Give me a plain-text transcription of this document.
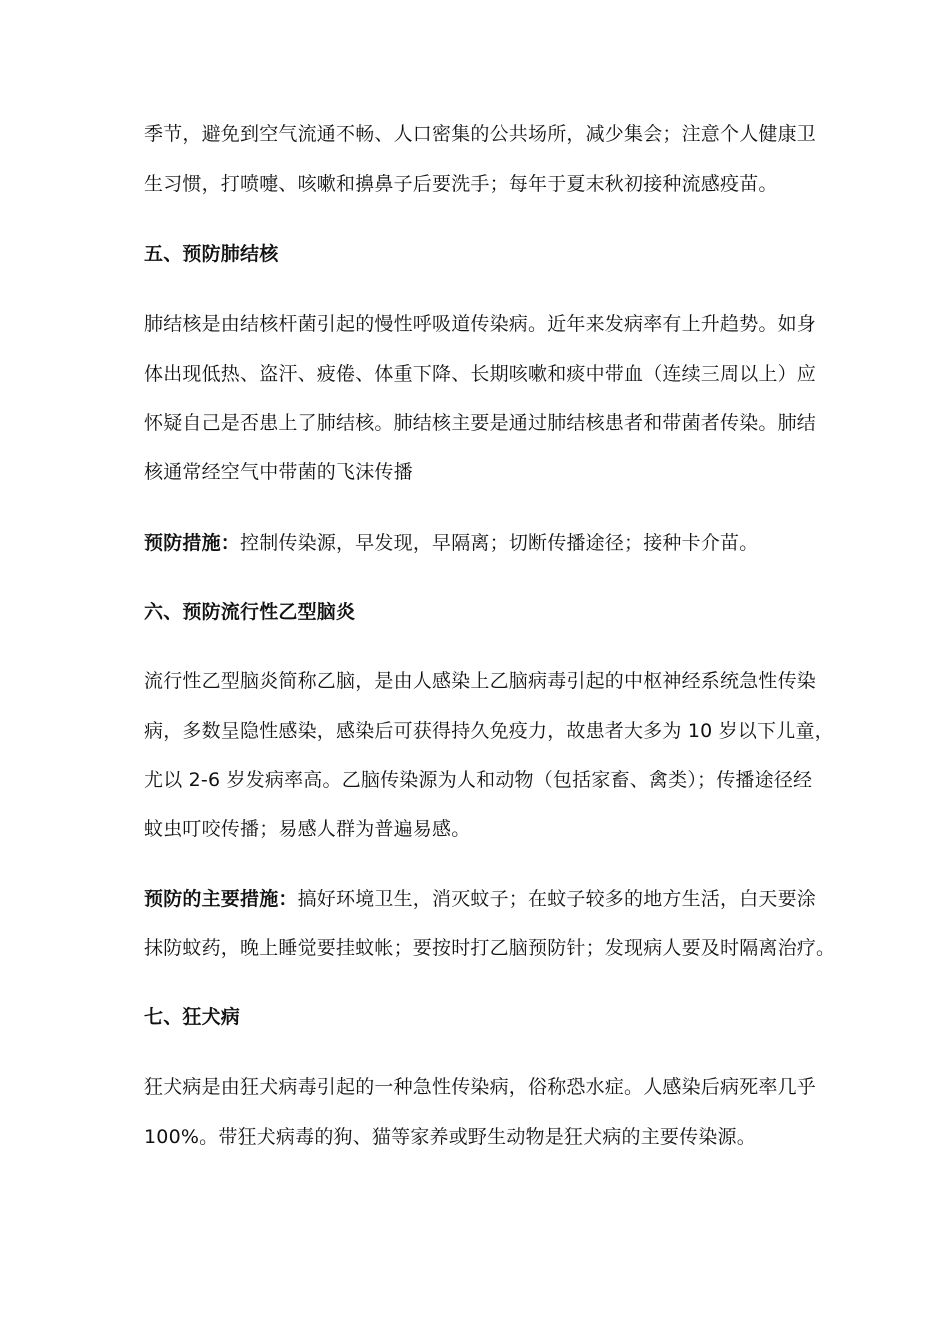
季节，避免到空气流通不畅、人口密集的公共场所，减少集会；注意个人健康卫
生习惯，打喷嚏、咳嗽和擤鼻子后要洗手；每年于夏末秋初接种流感疫苗。
五、预防肺结核
肺结核是由结核杆菌引起的慢性呼吸道传染病。近年来发病率有上升趋势。如身
体出现低热、盗汗、疲倦、体重下降、长期咳嗽和痰中带血（连续三周以上）应
怀疑自己是否患上了肺结核。肺结核主要是通过肺结核患者和带菌者传染。肺结
核通常经空气中带菌的飞沫传播
预防措施：控制传染源，早发现，早隔离；切断传播途径；接种卡介苗。
六、预防流行性乙型脑炎
流行性乙型脑炎简称乙脑，是由人感染上乙脑病毒引起的中枢神经系统急性传染
病，多数呈隐性感染，感染后可获得持久免疫力，故患者大多为 10 岁以下儿童，
尤以 2-6 岁发病率高。乙脑传染源为人和动物（包括家畜、禽类）；传播途径经
蚊虫叮咬传播；易感人群为普遍易感。
预防的主要措施：搞好环境卫生，消灭蚊子；在蚊子较多的地方生活，白天要涂
抹防蚊药，晚上睡觉要挂蚊帐；要按时打乙脑预防针；发现病人要及时隔离治疗。
七、狂犬病
狂犬病是由狂犬病毒引起的一种急性传染病，俗称恐水症。人感染后病死率几乎
100%。带狂犬病毒的狗、猫等家养或野生动物是狂犬病的主要传染源。
